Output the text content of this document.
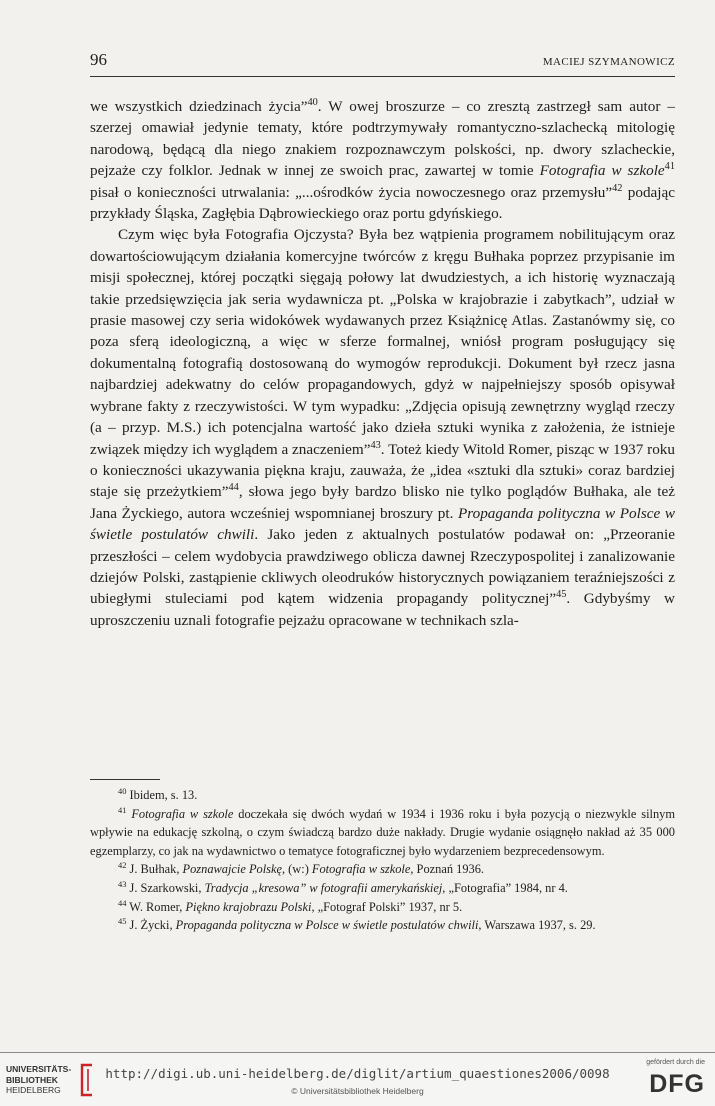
96	MACIEJ SZYMANOWICZ

we wszystkich dziedzinach życia”$^{40}$. W owej broszurze – co zresztą zastrzegł sam autor – szerzej omawiał jedynie tematy, które podtrzymywały romantyczno-szlachecką mitologię narodową, będącą dla niego znakiem rozpoznawczym polskości, np. dwory szlacheckie, pejzaże czy folklor. Jednak w innej ze swoich prac, zawartej w tomie Fotografia w szkole$^{41}$ pisał o konieczności utrwalania: „...ośrodków życia nowoczesnego oraz przemysłu”$^{42}$ podając przykłady Śląska, Zagłębia Dąbrowieckiego oraz portu gdyńskiego.

Czym więc była Fotografia Ojczysta? Była bez wątpienia programem nobilitującym oraz dowartościowującym działania komercyjne twórców z kręgu Bułhaka poprzez przypisanie im misji społecznej, której początki sięgają połowy lat dwudziestych, a ich historię wyznaczają takie przedsięwzięcia jak seria wydawnicza pt. „Polska w krajobrazie i zabytkach”, udział w prasie masowej czy seria widokówek wydawanych przez Książnicę Atlas. Zastanówmy się, co poza sferą ideologiczną, a więc w sferze formalnej, wniósł program posługujący się dokumentalną fotografią dostosowaną do wymogów reprodukcji. Dokument był rzecz jasna najbardziej adekwatny do celów propagandowych, gdyż w najpełniejszy sposób opisywał wybrane fakty z rzeczywistości. W tym wypadku: „Zdjęcia opisują zewnętrzny wygląd rzeczy (a – przyp. M.S.) ich potencjalna wartość jako dzieła sztuki wynika z założenia, że istnieje związek między ich wyglądem a znaczeniem”$^{43}$. Toteż kiedy Witold Romer, pisząc w 1937 roku o konieczności ukazywania piękna kraju, zauważa, że „idea «sztuki dla sztuki» coraz bardziej staje się przeżytkiem”$^{44}$, słowa jego były bardzo blisko nie tylko poglądów Bułhaka, ale też Jana Życkiego, autora wcześniej wspomnianej broszury pt. Propaganda polityczna w Polsce w świetle postulatów chwili. Jako jeden z aktualnych postulatów podawał on: „Przeoranie przeszłości – celem wydobycia prawdziwego oblicza dawnej Rzeczypospolitej i zanalizowanie dziejów Polski, zastąpienie ckliwych oleodruków historycznych powiązaniem teraźniejszości z ubiegłymi stuleciami pod kątem widzenia propagandy politycznej”$^{45}$. Gdybyśmy w uproszczeniu uznali fotografie pejzażu opracowane w technikach szla-

$^{40}$ Ibidem, s. 13.

$^{41}$ Fotografia w szkole doczekała się dwóch wydań w 1934 i 1936 roku i była pozycją o niezwykle silnym wpływie na edukację szkolną, o czym świadczą bardzo duże nakłady. Drugie wydanie osiągnęło nakład aż 35 000 egzemplarzy, co jak na wydawnictwo o tematyce fotograficznej było wydarzeniem bezprecedensowym.

$^{42}$ J. Bułhak, Poznawajcie Polskę, (w:) Fotografia w szkole, Poznań 1936.

$^{43}$ J. Szarkowski, Tradycja „kresowa” w fotografii amerykańskiej, „Fotografia” 1984, nr 4.

$^{44}$ W. Romer, Piękno krajobrazu Polski, „Fotograf Polski” 1937, nr 5.

$^{45}$ J. Życki, Propaganda polityczna w Polsce w świetle postulatów chwili, Warszawa 1937, s. 29.

UNIVERSITÄTS-
BIBLIOTHEK
HEIDELBERG
http://digi.ub.uni-heidelberg.de/diglit/artium_quaestiones2006/0098
© Universitätsbibliothek Heidelberg
gefördert durch die
DFG
